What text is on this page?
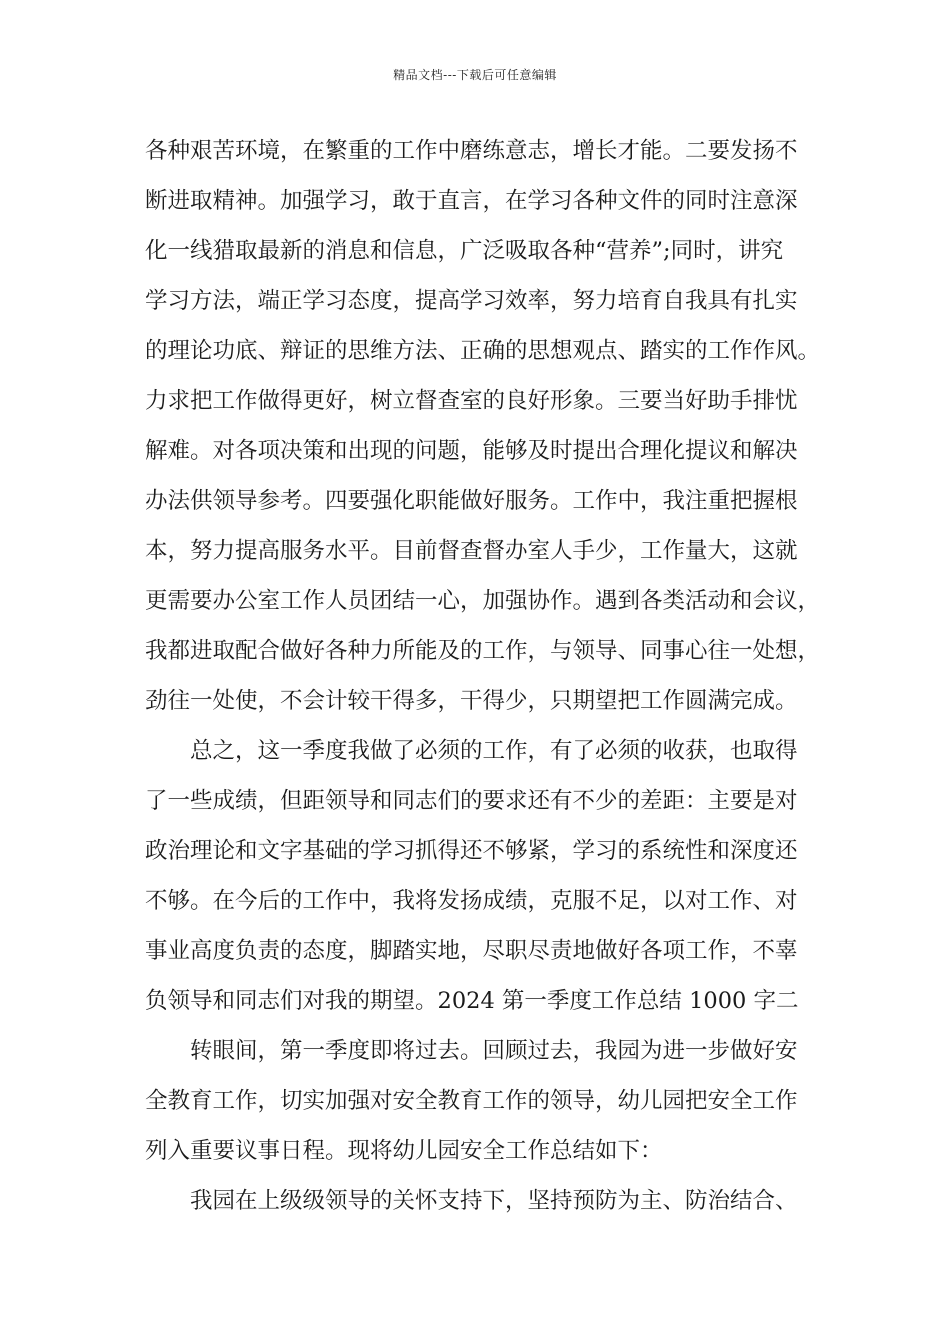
精品文档---下载后可任意编辑
各种艰苦环境，在繁重的工作中磨练意志，增长才能。二要发扬不
断进取精神。加强学习，敢于直言，在学习各种文件的同时注意深
化一线猎取最新的消息和信息，广泛吸取各种“营养”;同时，讲究
学习方法，端正学习态度，提高学习效率，努力培育自我具有扎实
的理论功底、辩证的思维方法、正确的思想观点、踏实的工作作风。
力求把工作做得更好，树立督查室的良好形象。三要当好助手排忧
解难。对各项决策和出现的问题，能够及时提出合理化提议和解决
办法供领导参考。四要强化职能做好服务。工作中，我注重把握根
本，努力提高服务水平。目前督查督办室人手少，工作量大，这就
更需要办公室工作人员团结一心，加强协作。遇到各类活动和会议，
我都进取配合做好各种力所能及的工作，与领导、同事心往一处想，
劲往一处使，不会计较干得多，干得少，只期望把工作圆满完成。
总之，这一季度我做了必须的工作，有了必须的收获，也取得
了一些成绩，但距领导和同志们的要求还有不少的差距：主要是对
政治理论和文字基础的学习抓得还不够紧，学习的系统性和深度还
不够。在今后的工作中，我将发扬成绩，克服不足，以对工作、对
事业高度负责的态度，脚踏实地，尽职尽责地做好各项工作，不辜
负领导和同志们对我的期望。2024 第一季度工作总结 1000 字二
转眼间，第一季度即将过去。回顾过去，我园为进一步做好安
全教育工作，切实加强对安全教育工作的领导，幼儿园把安全工作
列入重要议事日程。现将幼儿园安全工作总结如下：
我园在上级级领导的关怀支持下，坚持预防为主、防治结合、
